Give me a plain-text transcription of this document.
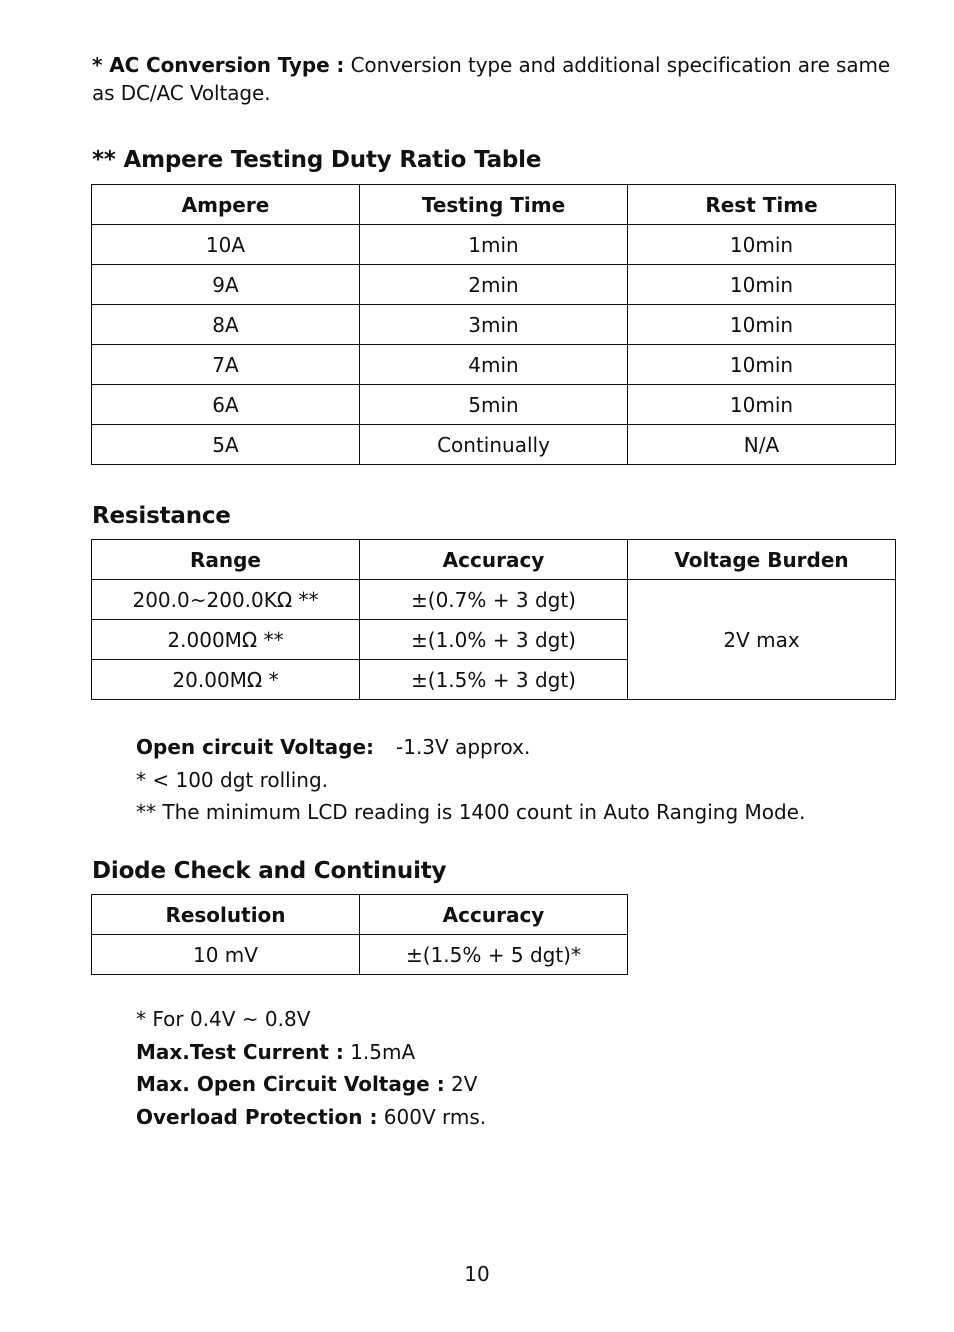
* AC Conversion Type : Conversion type and additional specification are same as DC/AC Voltage.
** Ampere Testing Duty Ratio Table
Ampere	Testing Time	Rest Time
10A	1min	10min
9A	2min	10min
8A	3min	10min
7A	4min	10min
6A	5min	10min
5A	Continually	N/A
Resistance
Range	Accuracy	Voltage Burden
200.0~200.0KΩ **	±(0.7% + 3 dgt)	2V max
2.000MΩ **	±(1.0% + 3 dgt)	
20.00MΩ *	±(1.5% + 3 dgt)	
Open circuit Voltage: -1.3V approx.
* < 100 dgt rolling.
** The minimum LCD reading is 1400 count in Auto Ranging Mode.
Diode Check and Continuity
Resolution	Accuracy
10 mV	±(1.5% + 5 dgt)*
* For 0.4V ~ 0.8V
Max.Test Current : 1.5mA
Max. Open Circuit Voltage : 2V
Overload Protection : 600V rms.
10
